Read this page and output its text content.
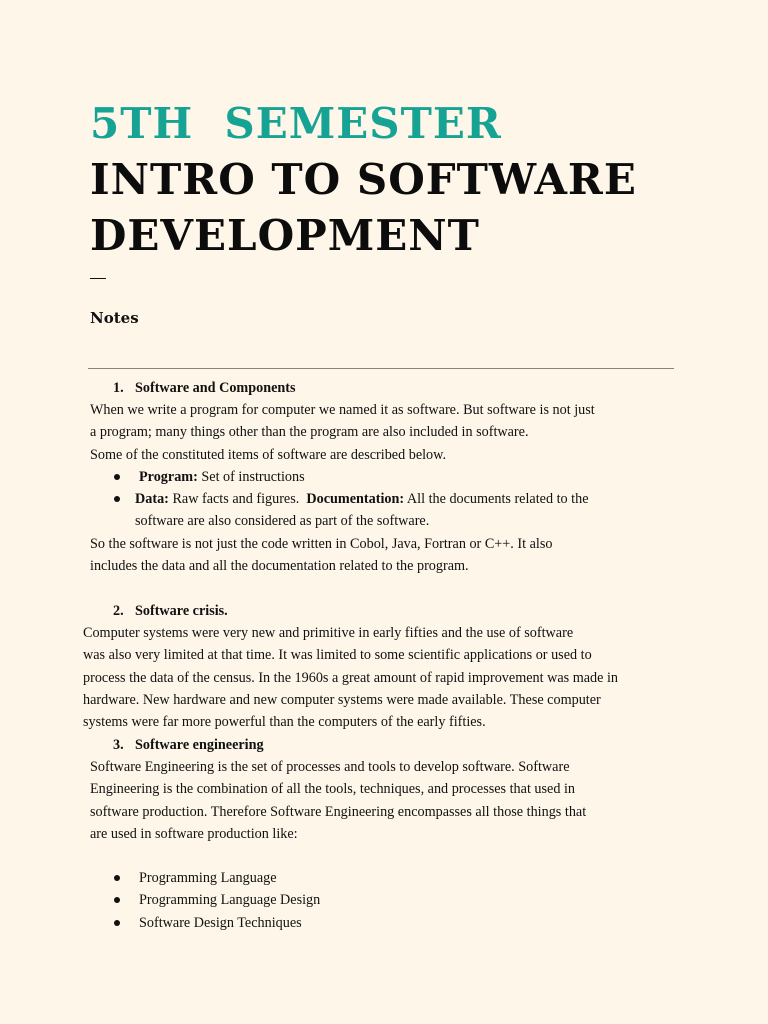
5TH  SEMESTER
INTRO TO SOFTWARE
DEVELOPMENT
Notes
1. Software and Components
When we write a program for computer we named it as software. But software is not just
a program; many things other than the program are also included in software.
Some of the constituted items of software are described below.
Program: Set of instructions
Data: Raw facts and figures.  Documentation: All the documents related to the
software are also considered as part of the software.
So the software is not just the code written in Cobol, Java, Fortran or C++. It also
includes the data and all the documentation related to the program.
2. Software crisis.
Computer systems were very new and primitive in early fifties and the use of software
was also very limited at that time. It was limited to some scientific applications or used to
process the data of the census. In the 1960s a great amount of rapid improvement was made in
hardware. New hardware and new computer systems were made available. These computer
systems were far more powerful than the computers of the early fifties.
3. Software engineering
Software Engineering is the set of processes and tools to develop software. Software
Engineering is the combination of all the tools, techniques, and processes that used in
software production. Therefore Software Engineering encompasses all those things that
are used in software production like:
Programming Language
Programming Language Design
Software Design Techniques
